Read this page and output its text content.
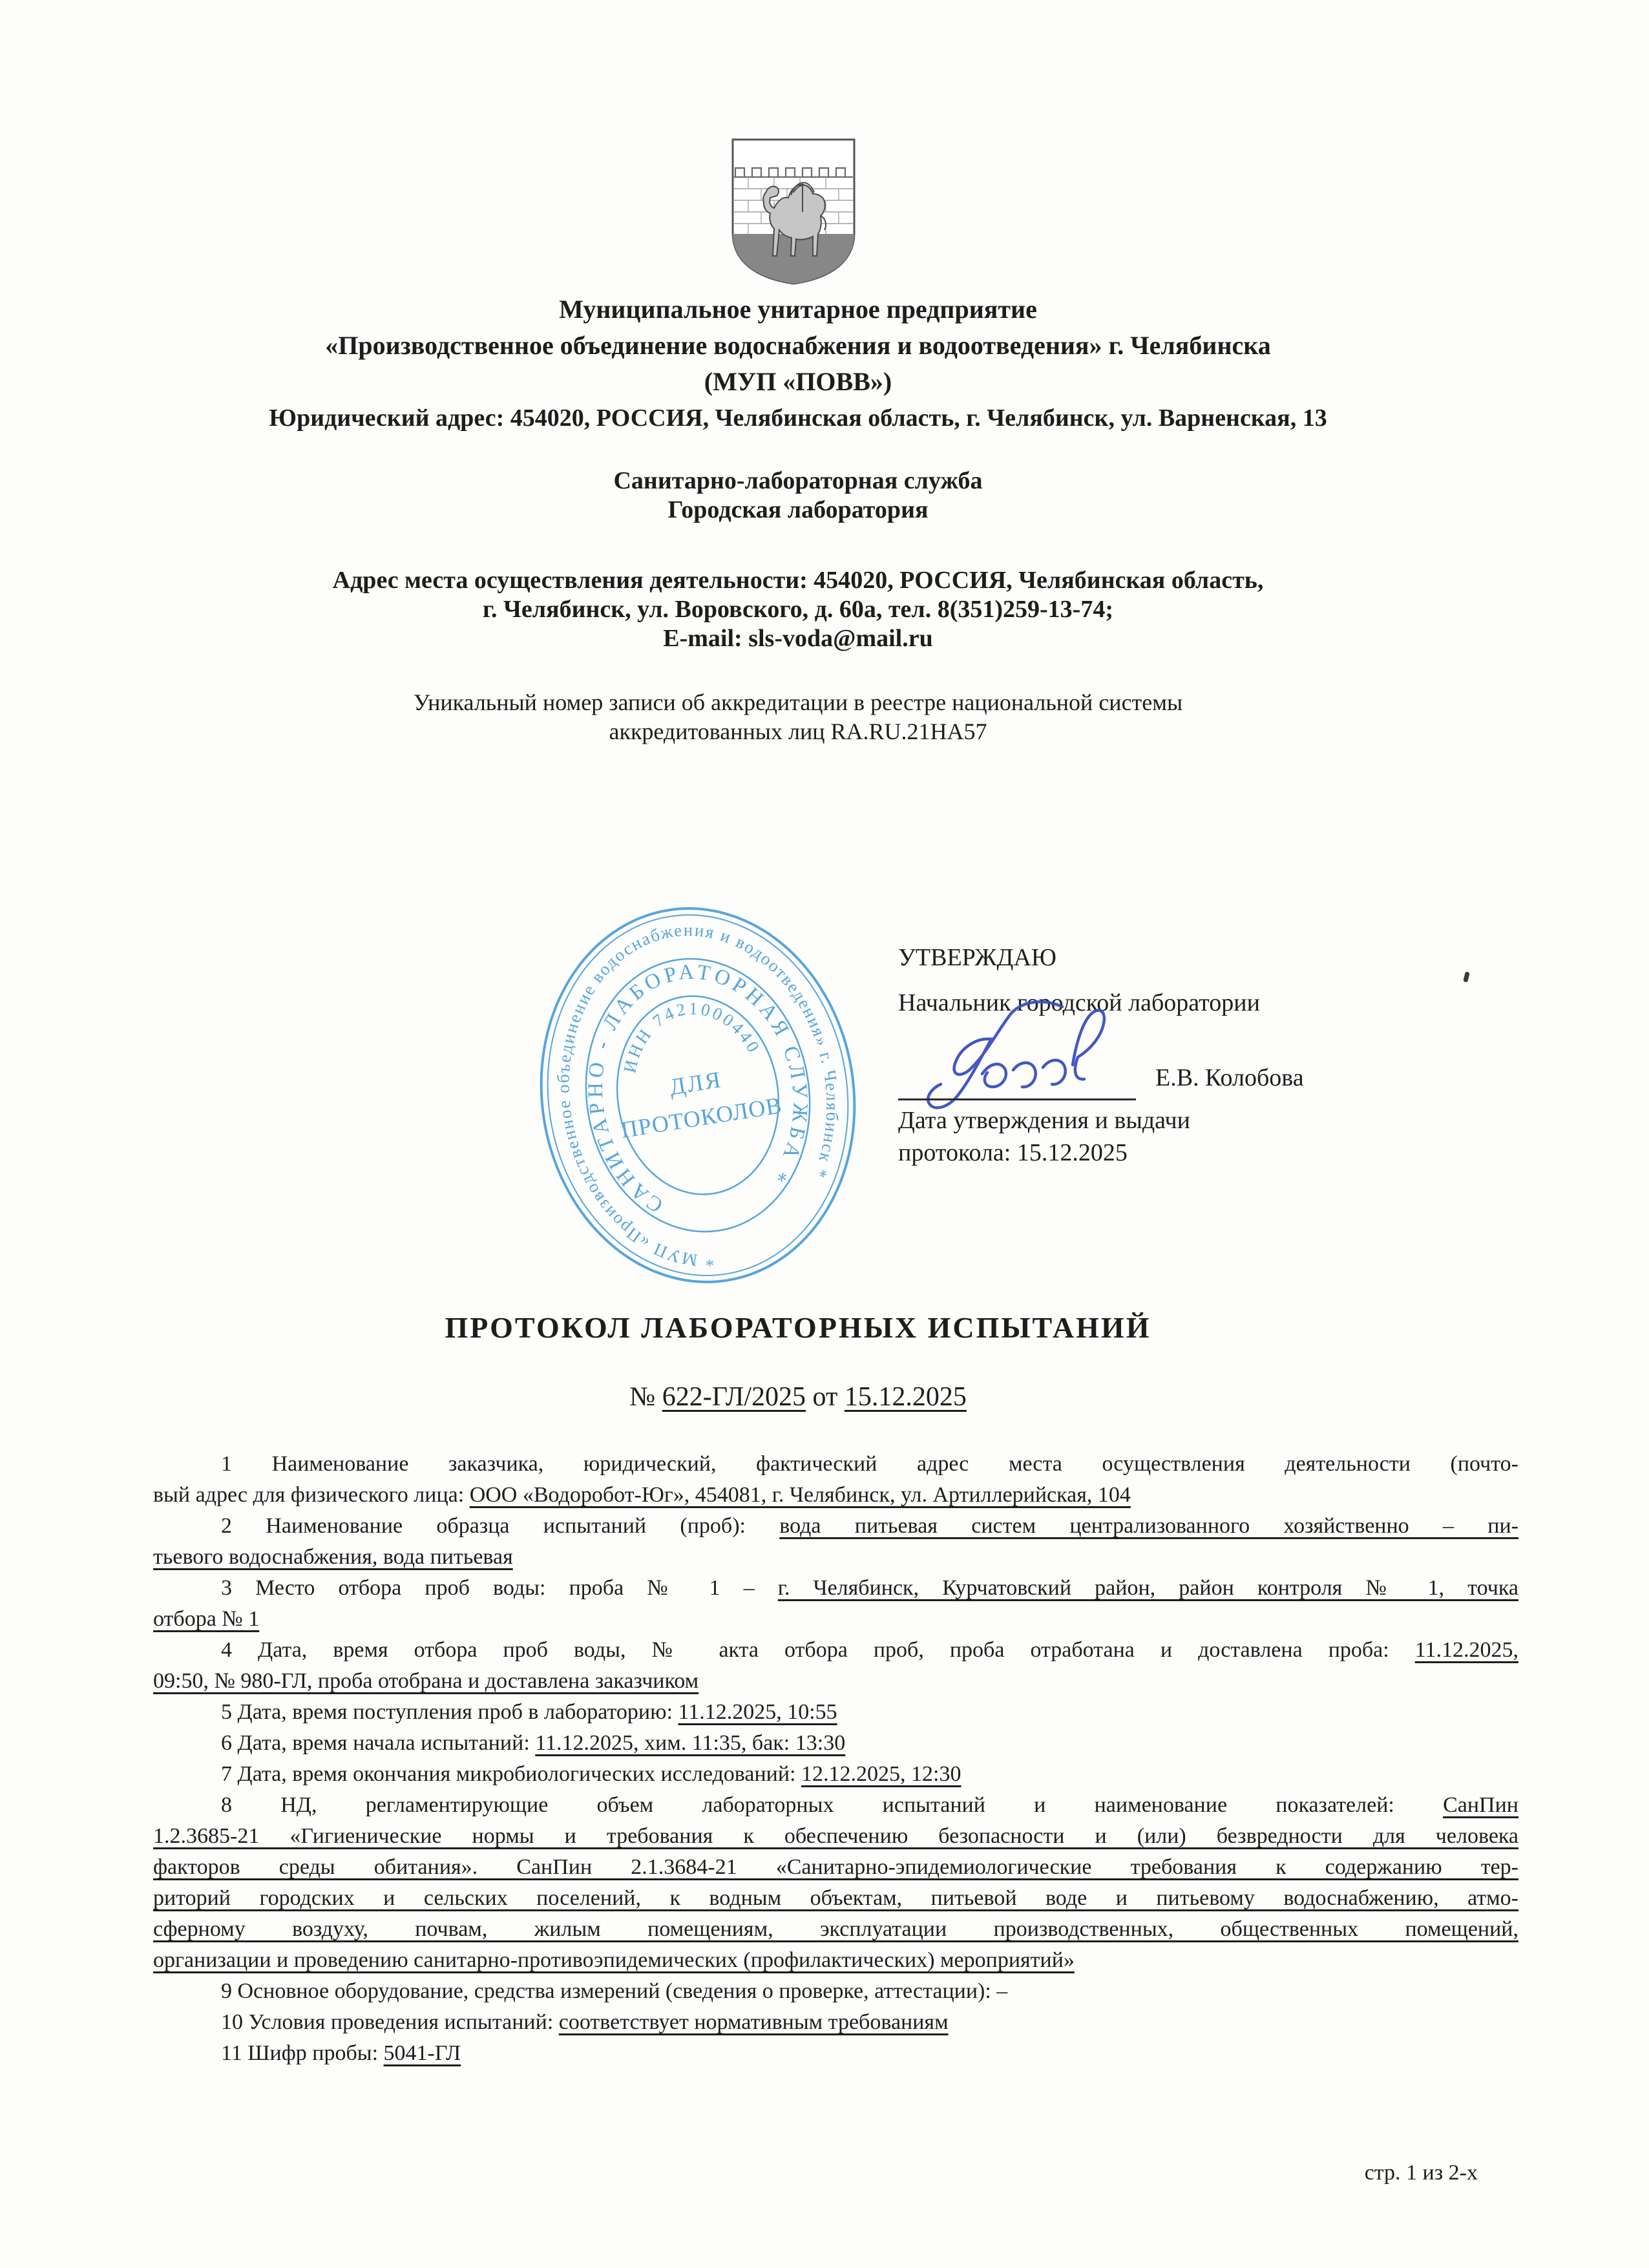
Муниципальное унитарное предприятие
«Производственное объединение водоснабжения и водоотведения» г. Челябинска
(МУП «ПОВВ»)
Юридический адрес: 454020, РОССИЯ, Челябинская область, г. Челябинск, ул. Варненская, 13
Санитарно-лабораторная служба
Городская лаборатория
Адрес места осуществления деятельности: 454020, РОССИЯ, Челябинская область,
г. Челябинск, ул. Воровского, д. 60а, тел. 8(351)259-13-74;
E-mail: sls-voda@mail.ru
Уникальный номер записи об аккредитации в реестре национальной системы
аккредитованных лиц RA.RU.21НА57
* МУП «Производственное объединение водоснабжения и водоотведения» г. Челябинск *
САНИТАРНО - ЛАБОРАТОРНАЯ СЛУЖБА *
ИНН 7421000440
ДЛЯ
ПРОТОКОЛОВ
УТВЕРЖДАЮ
Начальник городской лаборатории
Е.В. Колобова
Дата утверждения и выдачи
протокола: 15.12.2025
ПРОТОКОЛ ЛАБОРАТОРНЫХ ИСПЫТАНИЙ
№ 622-ГЛ/2025 от 15.12.2025
1 Наименование заказчика, юридический, фактический адрес места осуществления деятельности (почто-
вый адрес для физического лица: ООО «Водоробот-Юг», 454081, г. Челябинск, ул. Артиллерийская, 104
2 Наименование образца испытаний (проб): вода питьевая систем централизованного хозяйственно – пи-
тьевого водоснабжения, вода питьевая
3 Место отбора проб воды: проба № 1 – г. Челябинск, Курчатовский район, район контроля № 1, точка
отбора № 1
4 Дата, время отбора проб воды, № акта отбора проб, проба отработана и доставлена проба: 11.12.2025,
09:50, № 980-ГЛ, проба отобрана и доставлена заказчиком
5 Дата, время поступления проб в лабораторию: 11.12.2025, 10:55
6 Дата, время начала испытаний: 11.12.2025, хим. 11:35, бак: 13:30
7 Дата, время окончания микробиологических исследований: 12.12.2025, 12:30
8 НД, регламентирующие объем лабораторных испытаний и наименование показателей: СанПин
1.2.3685-21 «Гигиенические нормы и требования к обеспечению безопасности и (или) безвредности для человека
факторов среды обитания». СанПин 2.1.3684-21 «Санитарно-эпидемиологические требования к содержанию тер-
риторий городских и сельских поселений, к водным объектам, питьевой воде и питьевому водоснабжению, атмо-
сферному воздуху, почвам, жилым помещениям, эксплуатации производственных, общественных помещений,
организации и проведению санитарно-противоэпидемических (профилактических) мероприятий»
9 Основное оборудование, средства измерений (сведения о проверке, аттестации): –
10 Условия проведения испытаний: соответствует нормативным требованиям
11 Шифр пробы: 5041-ГЛ
стр. 1 из 2-х
